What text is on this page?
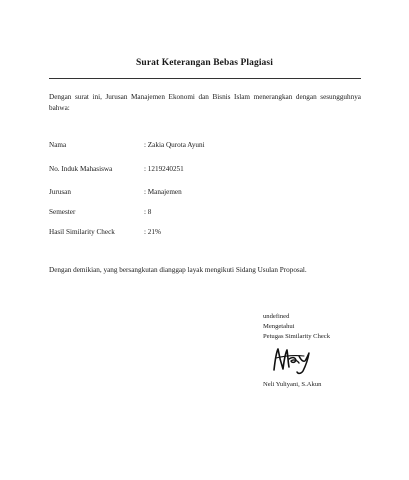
Surat Keterangan Bebas Plagiasi
Dengan surat ini, Jurusan Manajemen Ekonomi dan Bisnis Islam menerangkan dengan sesungguhnya bahwa:
Nama	: Zakia Qurota Ayuni
No. Induk Mahasiswa	: 1219240251
Jurusan	: Manajemen
Semester	: 8
Hasil Similarity Check	: 21%
Dengan demikian, yang bersangkutan dianggap layak mengikuti Sidang Usulan Proposal.
undefined
Mengetahui
Petugas Similarity Check
Neli Yuliyani, S.Akun
